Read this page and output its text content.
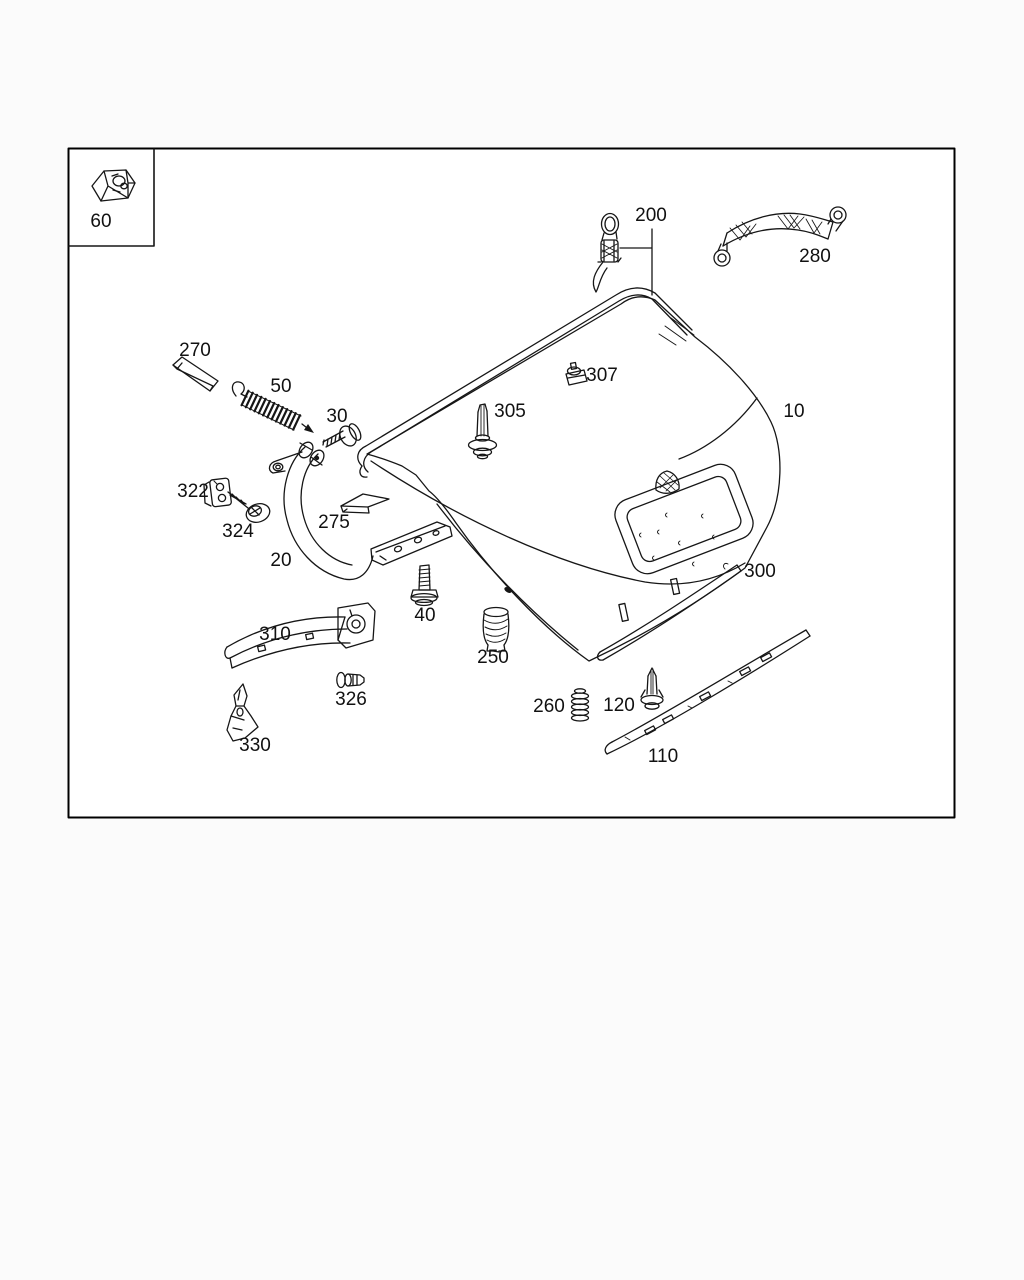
60	200
280
270
50
30	305
307
10
322
324	275
20
300
40
310
250
326	260 120
330
110
